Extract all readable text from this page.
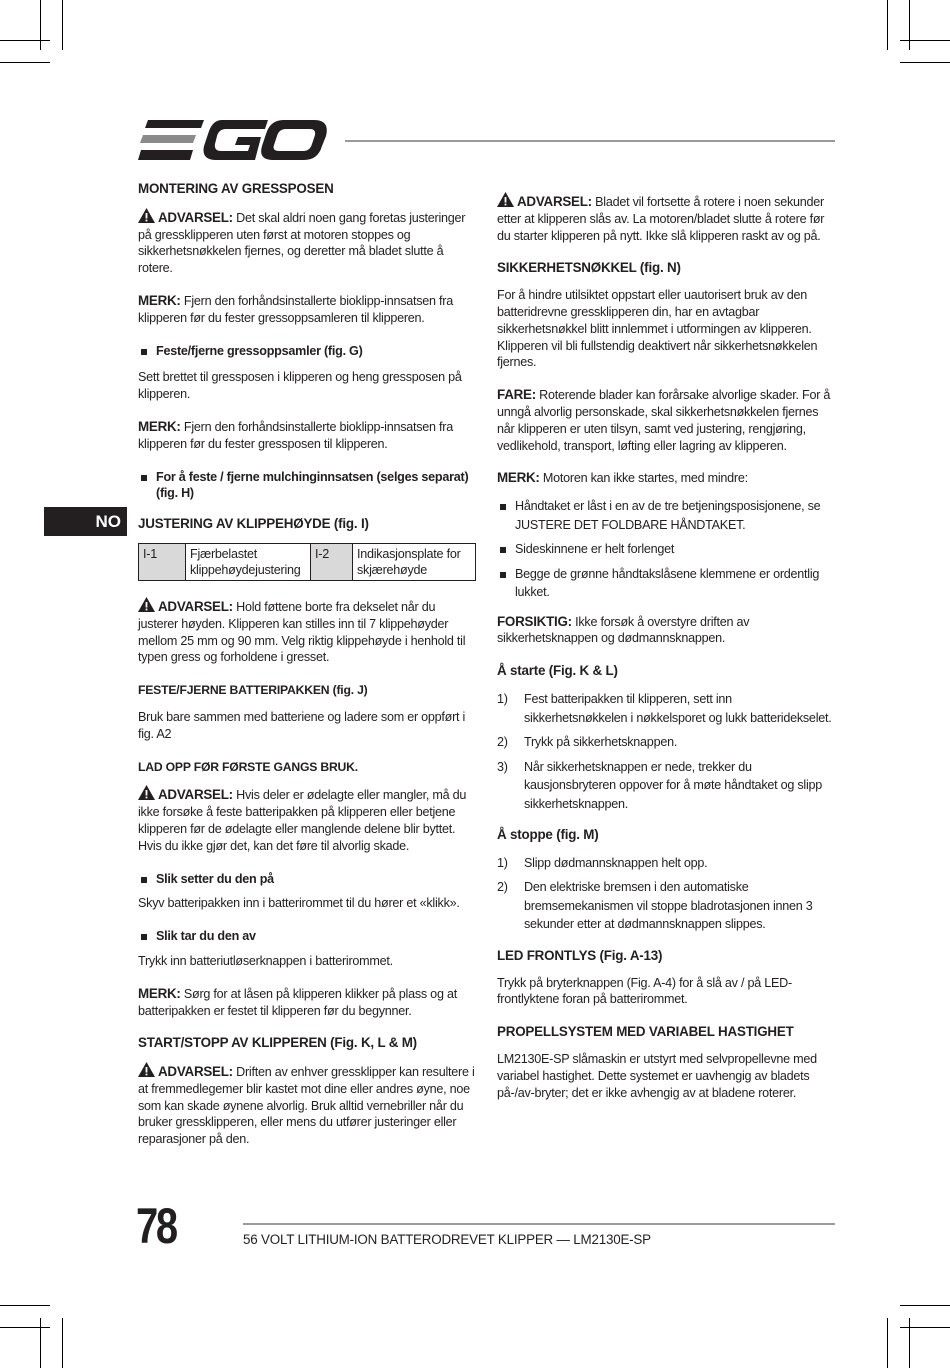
NO
MONTERING AV GRESSPOSEN

ADVARSEL: Det skal aldri noen gang foretas justeringer på gressklipperen uten først at motoren stoppes og sikkerhetsnøkkelen fjernes, og deretter må bladet slutte å rotere.

MERK: Fjern den forhåndsinstallerte bioklipp-innsatsen fra klipperen før du fester gressoppsamleren til klipperen.

Feste/fjerne gressoppsamler (fig. G)

Sett brettet til gressposen i klipperen og heng gressposen på klipperen.

MERK: Fjern den forhåndsinstallerte bioklipp-innsatsen fra klipperen før du fester gressposen til klipperen.

For å feste / fjerne mulchinginnsatsen (selges separat) (fig. H)
JUSTERING AV KLIPPEHØYDE (fig. I)
I-1	Fjærbelastet klippehøydejustering	I-2	Indikasjonsplate for skjærehøyde

ADVARSEL: Hold føttene borte fra dekselet når du justerer høyden. Klipperen kan stilles inn til 7 klippehøyder mellom 25 mm og 90 mm. Velg riktig klippehøyde i henhold til typen gress og forholdene i gresset.

FESTE/FJERNE BATTERIPAKKEN (fig. J)

Bruk bare sammen med batteriene og ladere som er oppført i fig. A2

LAD OPP FØR FØRSTE GANGS BRUK.

ADVARSEL: Hvis deler er ødelagte eller mangler, må du ikke forsøke å feste batteripakken på klipperen eller betjene klipperen før de ødelagte eller manglende delene blir byttet. Hvis du ikke gjør det, kan det føre til alvorlig skade.

Slik setter du den på

Skyv batteripakken inn i batterirommet til du hører et «klikk».

Slik tar du den av

Trykk inn batteriutløserknappen i batterirommet.

MERK: Sørg for at låsen på klipperen klikker på plass og at batteripakken er festet til klipperen før du begynner.

START/STOPP AV KLIPPEREN (Fig. K, L & M)

ADVARSEL: Driften av enhver gressklipper kan resultere i at fremmedlegemer blir kastet mot dine eller andres øyne, noe som kan skade øynene alvorlig. Bruk alltid vernebriller når du bruker gressklipperen, eller mens du utfører justeringer eller reparasjoner på den.

ADVARSEL: Bladet vil fortsette å rotere i noen sekunder etter at klipperen slås av. La motoren/bladet slutte å rotere før du starter klipperen på nytt. Ikke slå klipperen raskt av og på.

SIKKERHETSNØKKEL (fig. N)

For å hindre utilsiktet oppstart eller uautorisert bruk av den batteridrevne gressklipperen din, har en avtagbar sikkerhetsnøkkel blitt innlemmet i utformingen av klipperen. Klipperen vil bli fullstendig deaktivert når sikkerhetsnøkkelen fjernes.

FARE: Roterende blader kan forårsake alvorlige skader. For å unngå alvorlig personskade, skal sikkerhetsnøkkelen fjernes når klipperen er uten tilsyn, samt ved justering, rengjøring, vedlikehold, transport, løfting eller lagring av klipperen.

MERK: Motoren kan ikke startes, med mindre:

Håndtaket er låst i en av de tre betjeningsposisjonene, se JUSTERE DET FOLDBARE HÅNDTAKET.
Sideskinnene er helt forlenget
Begge de grønne håndtakslåsene klemmene er ordentlig lukket.

FORSIKTIG: Ikke forsøk å overstyre driften av sikkerhetsknappen og dødmannsknappen.

Å starte (Fig. K & L)
1) Fest batteripakken til klipperen, sett inn sikkerhetsnøkkelen i nøkkelsporet og lukk batteridekselet.
2) Trykk på sikkerhetsknappen.
3) Når sikkerhetsknappen er nede, trekker du kausjonsbryteren oppover for å møte håndtaket og slipp sikkerhetsknappen.
Å stoppe (fig. M)
1) Slipp dødmannsknappen helt opp.
2) Den elektriske bremsen i den automatiske bremsemekanismen vil stoppe bladrotasjonen innen 3 sekunder etter at dødmannsknappen slippes.
LED FRONTLYS (Fig. A-13)

Trykk på bryterknappen (Fig. A-4) for å slå av / på LED-frontlyktene foran på batterirommet.

PROPELLSYSTEM MED VARIABEL HASTIGHET

LM2130E-SP slåmaskin er utstyrt med selvpropellevne med variabel hastighet. Dette systemet er uavhengig av bladets på-/av-bryter; det er ikke avhengig av at bladene roterer.

78	56 VOLT LITHIUM-ION BATTERODREVET KLIPPER — LM2130E-SP
